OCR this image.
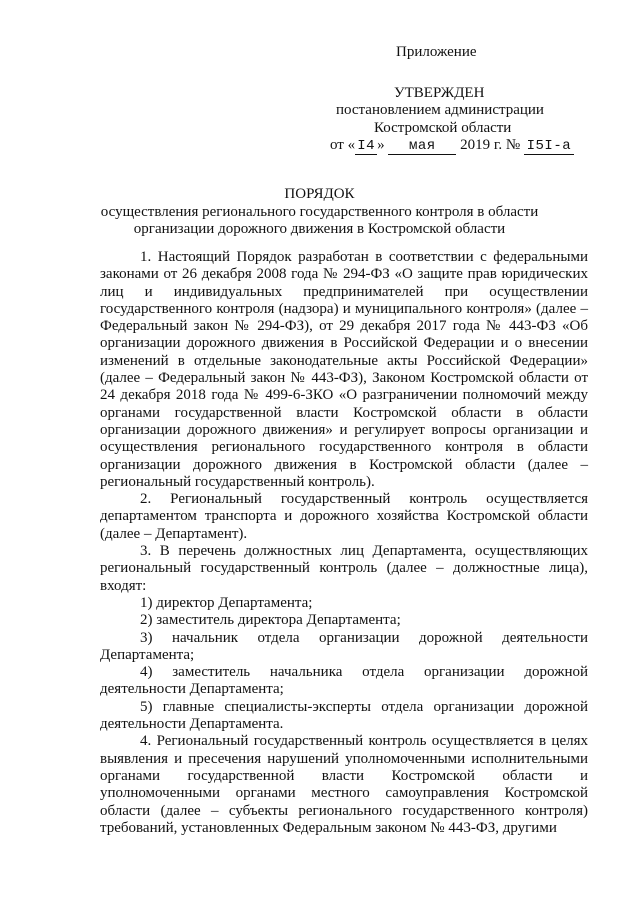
Приложение
УТВЕРЖДЕН
постановлением администрации
Костромской области
от « I4 » мая 2019 г. № I5I-а
ПОРЯДОК
осуществления регионального государственного контроля в области
организации дорожного движения в Костромской области

1. Настоящий Порядок разработан в соответствии с федеральными законами от 26 декабря 2008 года № 294-ФЗ «О защите прав юридических лиц и индивидуальных предпринимателей при осуществлении государственного контроля (надзора) и муниципального контроля» (далее – Федеральный закон № 294-ФЗ), от 29 декабря 2017 года № 443-ФЗ «Об организации дорожного движения в Российской Федерации и о внесении изменений в отдельные законодательные акты Российской Федерации» (далее – Федеральный закон № 443-ФЗ), Законом Костромской области от 24 декабря 2018 года № 499-6-ЗКО «О разграничении полномочий между органами государственной власти Костромской области в области организации дорожного движения» и регулирует вопросы организации и осуществления регионального государственного контроля в области организации дорожного движения в Костромской области (далее – региональный государственный контроль).

2. Региональный государственный контроль осуществляется департаментом транспорта и дорожного хозяйства Костромской области (далее – Департамент).

3. В перечень должностных лиц Департамента, осуществляющих региональный государственный контроль (далее – должностные лица), входят:

1) директор Департамента;

2) заместитель директора Департамента;

3) начальник отдела организации дорожной деятельности Департамента;

4) заместитель начальника отдела организации дорожной деятельности Департамента;

5) главные специалисты-эксперты отдела организации дорожной деятельности Департамента.

4. Региональный государственный контроль осуществляется в целях выявления и пресечения нарушений уполномоченными исполнительными органами государственной власти Костромской области и уполномоченными органами местного самоуправления Костромской области (далее – субъекты регионального государственного контроля) требований, установленных Федеральным законом № 443-ФЗ, другими
